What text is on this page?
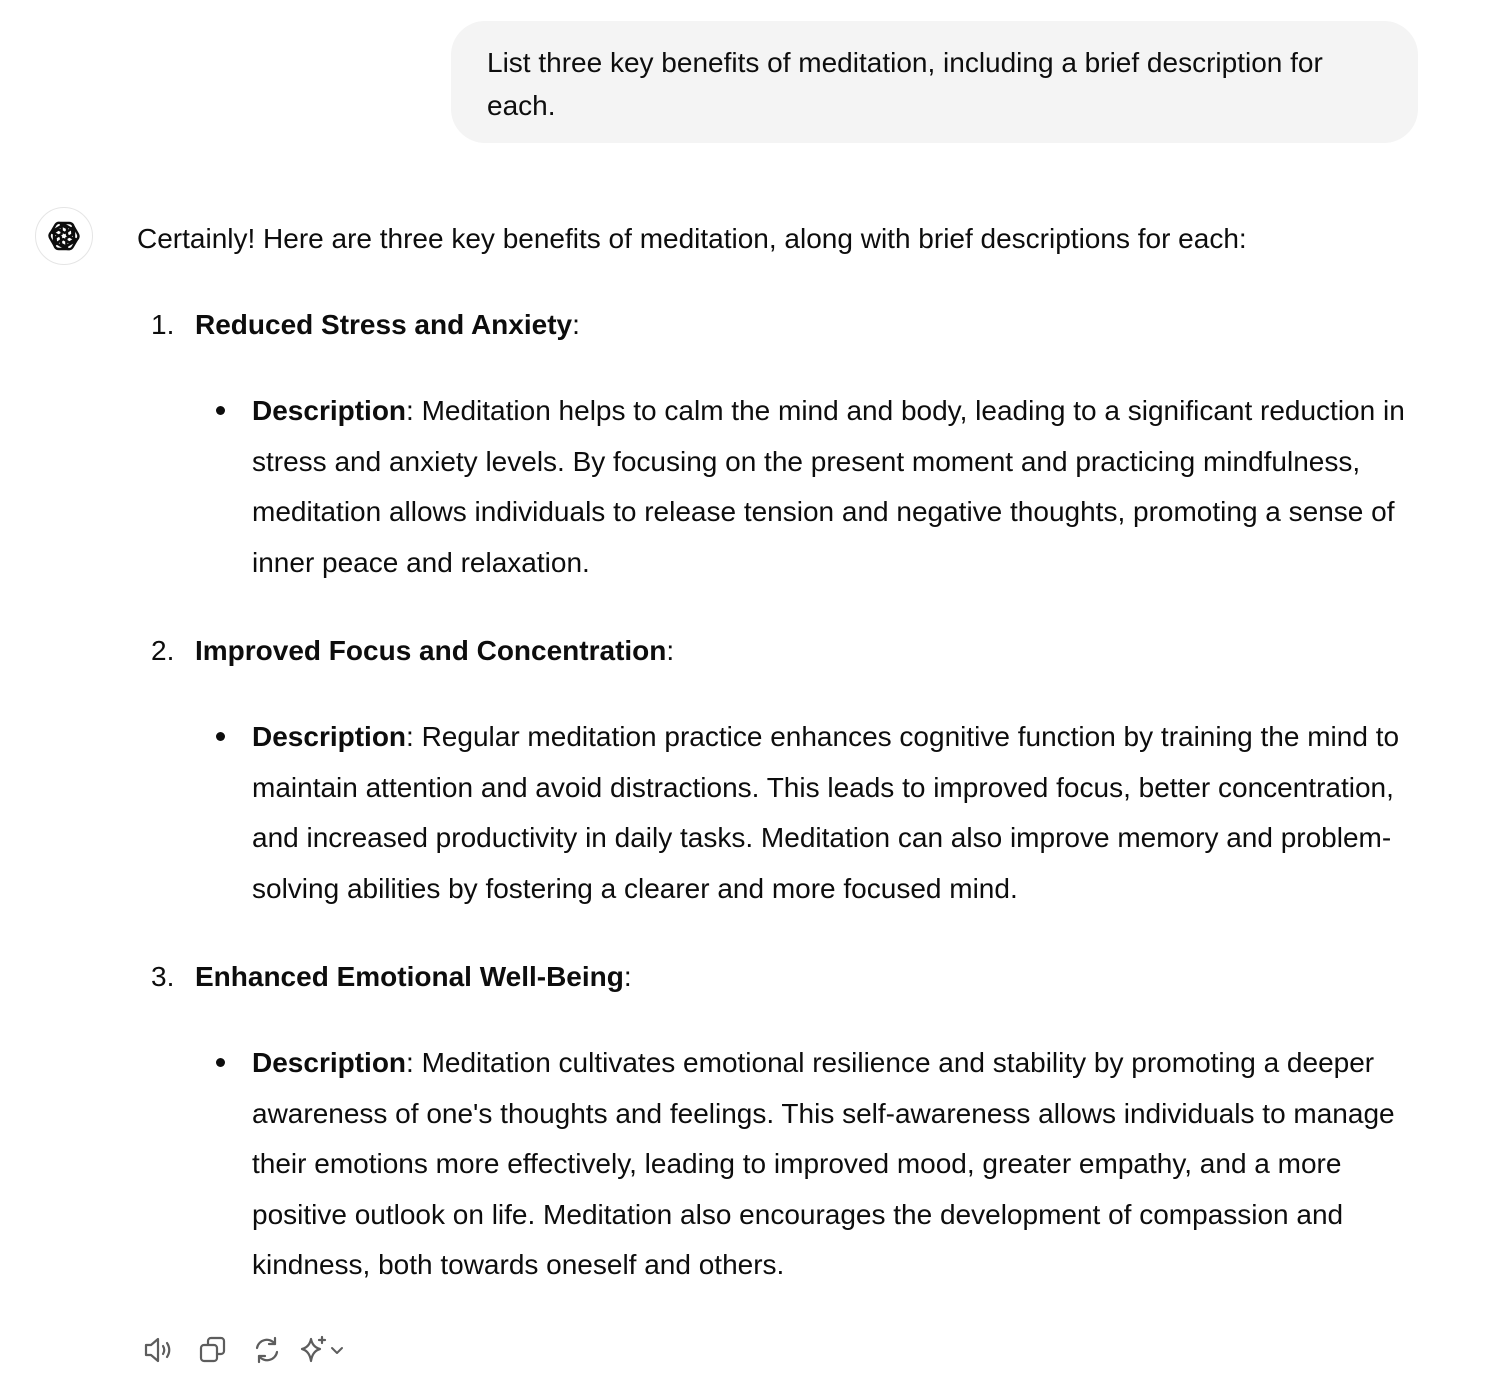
List three key benefits of meditation, including a brief description for each.

Certainly! Here are three key benefits of meditation, along with brief descriptions for each:

1. Reduced Stress and Anxiety:
Description: Meditation helps to calm the mind and body, leading to a significant reduction in stress and anxiety levels. By focusing on the present moment and practicing mindfulness, meditation allows individuals to release tension and negative thoughts, promoting a sense of inner peace and relaxation.
2. Improved Focus and Concentration:
Description: Regular meditation practice enhances cognitive function by training the mind to maintain attention and avoid distractions. This leads to improved focus, better concentration, and increased productivity in daily tasks. Meditation can also improve memory and problem-solving abilities by fostering a clearer and more focused mind.
3. Enhanced Emotional Well-Being:
Description: Meditation cultivates emotional resilience and stability by promoting a deeper awareness of one's thoughts and feelings. This self-awareness allows individuals to manage their emotions more effectively, leading to improved mood, greater empathy, and a more positive outlook on life. Meditation also encourages the development of compassion and kindness, both towards oneself and others.
